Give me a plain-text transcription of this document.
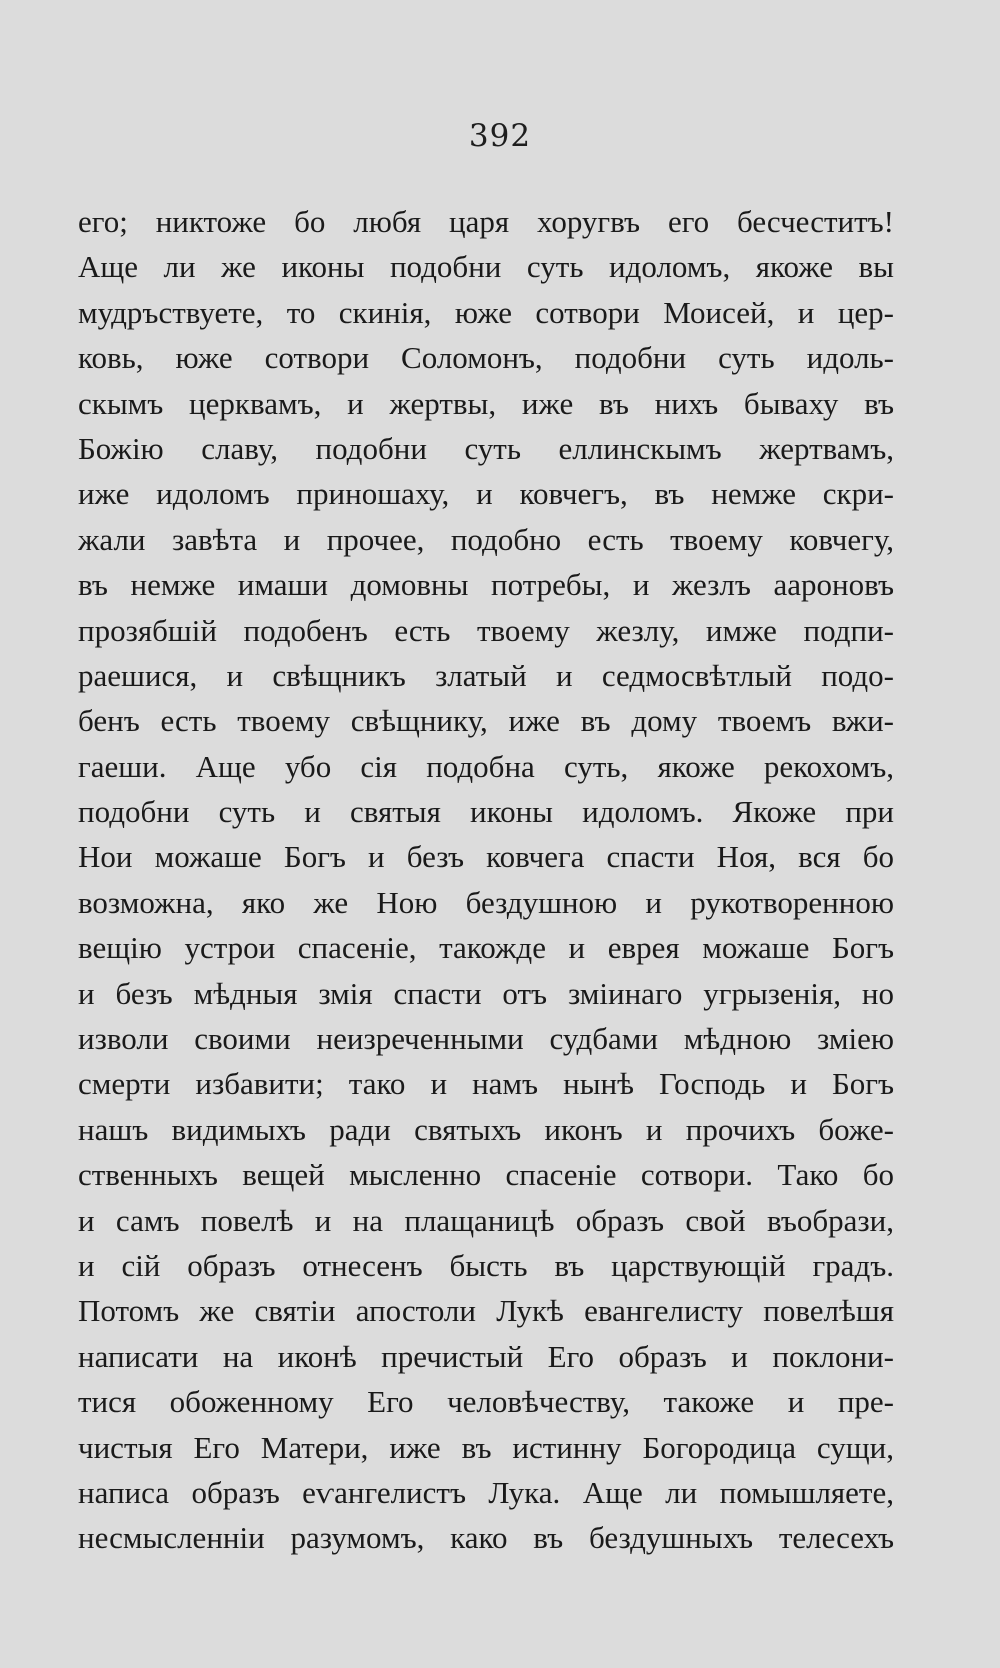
392
его; никтоже бо любя царя хоругвъ его бесчеститъ!
Аще ли же иконы подобни суть идоломъ, якоже вы
мудръствуете, то скинія, юже сотвори Моисей, и цер-
ковь, юже сотвори Соломонъ, подобни суть идоль-
скымъ церквамъ, и жертвы, иже въ нихъ бываху въ
Божію славу, подобни суть еллинскымъ жертвамъ,
иже идоломъ приношаху, и ковчегъ, въ немже скри-
жали завѣта и прочее, подобно есть твоему ковчегу,
въ немже имаши домовны потребы, и жезлъ аароновъ
прозябшій подобенъ есть твоему жезлу, имже подпи-
раешися, и свѣщникъ златый и седмосвѣтлый подо-
бенъ есть твоему свѣщнику, иже въ дому твоемъ вжи-
гаеши. Аще убо сія подобна суть, якоже рекохомъ,
подобни суть и святыя иконы идоломъ. Якоже при
Нои можаше Богъ и безъ ковчега спасти Ноя, вся бо
возможна, яко же Ною бездушною и рукотворенною
вещію устрои спасеніе, такожде и еврея можаше Богъ
и безъ мѣдныя змія спасти отъ зміинаго угрызенія, но
изволи своими неизреченными судбами мѣдною зміею
смерти избавити; тако и намъ нынѣ Господь и Богъ
нашъ видимыхъ ради святыхъ иконъ и прочихъ боже-
ственныхъ вещей мысленно спасеніе сотвори. Тако бо
и самъ повелѣ и на плащаницѣ образъ свой въобрази,
и сій образъ отнесенъ бысть въ царствующій градъ.
Потомъ же святіи апостоли Лукѣ евангелисту повелѣшя
написати на иконѣ пречистый Его образъ и поклони-
тися обоженному Его человѣчеству, такоже и пре-
чистыя Его Матери, иже въ истинну Богородица сущи,
написа образъ еѵангелистъ Лука. Аще ли помышляете,
несмысленніи разумомъ, како въ бездушныхъ телесехъ
